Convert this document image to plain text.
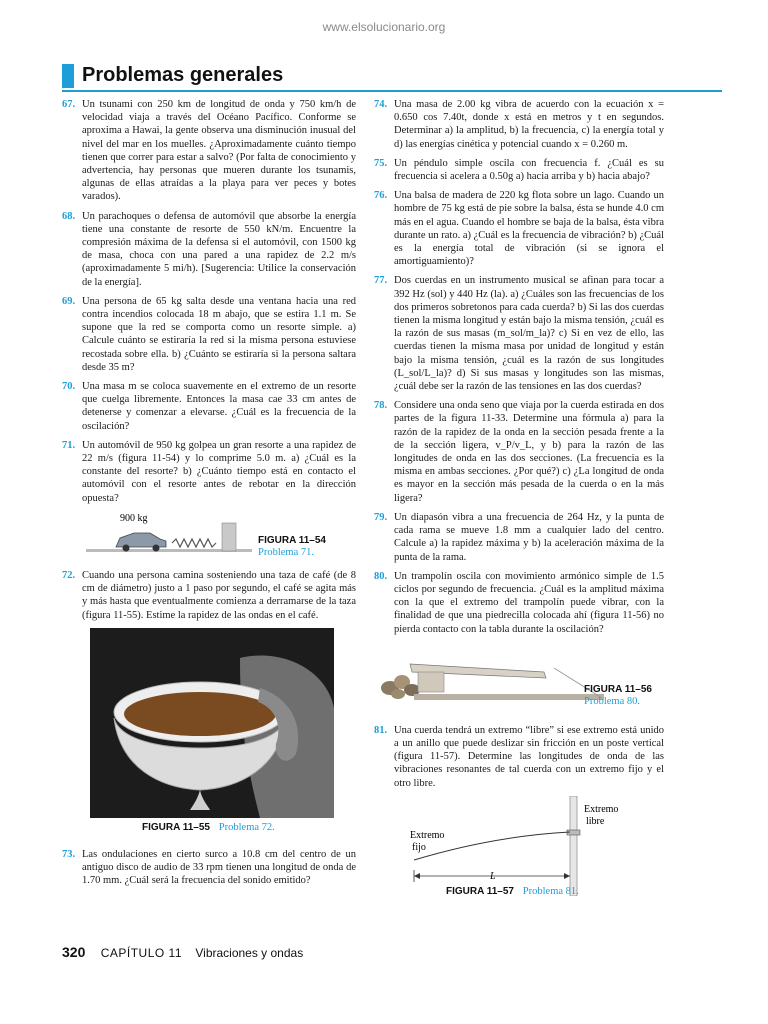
www.elsolucionario.org
Problemas generales
67. Un tsunami con 250 km de longitud de onda y 750 km/h de velocidad viaja a través del Océano Pacífico. Conforme se aproxima a Hawai, la gente observa una disminución inusual del nivel del mar en los muelles. ¿Aproximadamente cuánto tiempo tienen que correr para estar a salvo? (Por falta de conocimiento y advertencia, hay personas que mueren durante los tsunamis, algunas de ellas atraídas a la playa para ver peces y botes varados).
68. Un parachoques o defensa de automóvil que absorbe la energía tiene una constante de resorte de 550 kN/m. Encuentre la compresión máxima de la defensa si el automóvil, con 1500 kg de masa, choca con una pared a una rapidez de 2.2 m/s (aproximadamente 5 mi/h). [Sugerencia: Utilice la conservación de la energía].
69. Una persona de 65 kg salta desde una ventana hacia una red contra incendios colocada 18 m abajo, que se estira 1.1 m. Se supone que la red se comporta como un resorte simple. a) Calcule cuánto se estiraría la red si la misma persona estuviese recostada sobre ella. b) ¿Cuánto se estiraría si la persona saltara desde 35 m?
70. Una masa m se coloca suavemente en el extremo de un resorte que cuelga libremente. Entonces la masa cae 33 cm antes de detenerse y comenzar a elevarse. ¿Cuál es la frecuencia de la oscilación?
71. Un automóvil de 950 kg golpea un gran resorte a una rapidez de 22 m/s (figura 11-54) y lo comprime 5.0 m. a) ¿Cuál es la constante del resorte? b) ¿Cuánto tiempo está en contacto el automóvil con el resorte antes de rebotar en la dirección opuesta?
900 kg
FIGURA 11–54
Problema 71.
72. Cuando una persona camina sosteniendo una taza de café (de 8 cm de diámetro) justo a 1 paso por segundo, el café se agita más y más hasta que eventualmente comienza a derramarse de la taza (figura 11-55). Estime la rapidez de las ondas en el café.
FIGURA 11–55 Problema 72.
73. Las ondulaciones en cierto surco a 10.8 cm del centro de un antiguo disco de audio de 33 rpm tienen una longitud de onda de 1.70 mm. ¿Cuál será la frecuencia del sonido emitido?
74. Una masa de 2.00 kg vibra de acuerdo con la ecuación x = 0.650 cos 7.40t, donde x está en metros y t en segundos. Determinar a) la amplitud, b) la frecuencia, c) la energía total y d) las energías cinética y potencial cuando x = 0.260 m.
75. Un péndulo simple oscila con frecuencia f. ¿Cuál es su frecuencia si acelera a 0.50g a) hacia arriba y b) hacia abajo?
76. Una balsa de madera de 220 kg flota sobre un lago. Cuando un hombre de 75 kg está de pie sobre la balsa, ésta se hunde 4.0 cm más en el agua. Cuando el hombre se baja de la balsa, ésta vibra durante un rato. a) ¿Cuál es la frecuencia de vibración? b) ¿Cuál es la energía total de vibración (si se ignora el amortiguamiento)?
77. Dos cuerdas en un instrumento musical se afinan para tocar a 392 Hz (sol) y 440 Hz (la). a) ¿Cuáles son las frecuencias de los dos primeros sobretonos para cada cuerda? b) Si las dos cuerdas tienen la misma longitud y están bajo la misma tensión, ¿cuál es la razón de sus masas (m_sol/m_la)? c) Si en vez de ello, las cuerdas tienen la misma masa por unidad de longitud y están bajo la misma tensión, ¿cuál es la razón de sus longitudes (L_sol/L_la)? d) Si sus masas y longitudes son las mismas, ¿cuál debe ser la razón de las tensiones en las dos cuerdas?
78. Considere una onda seno que viaja por la cuerda estirada en dos partes de la figura 11-33. Determine una fórmula a) para la razón de la rapidez de la onda en la sección pesada frente a la de la sección ligera, v_P/v_L, y b) para la razón de las longitudes de onda en las dos secciones. (La frecuencia es la misma en ambas secciones. ¿Por qué?) c) ¿La longitud de onda es mayor en la sección más pesada de la cuerda o en la más ligera?
79. Un diapasón vibra a una frecuencia de 264 Hz, y la punta de cada rama se mueve 1.8 mm a cualquier lado del centro. Calcule a) la rapidez máxima y b) la aceleración máxima de la punta de la rama.
80. Un trampolín oscila con movimiento armónico simple de 1.5 ciclos por segundo de frecuencia. ¿Cuál es la amplitud máxima con la que el extremo del trampolín puede vibrar, con la finalidad de que una piedrecilla colocada ahí (figura 11-56) no pierda contacto con la tabla durante la oscilación?
FIGURA 11–56
Problema 80.
81. Una cuerda tendrá un extremo “libre” si ese extremo está unido a un anillo que puede deslizar sin fricción en un poste vertical (figura 11-57). Determine las longitudes de onda de las vibraciones resonantes de tal cuerda con un extremo fijo y el otro libre.
Extremo
libre
Extremo
fijo
L
FIGURA 11–57 Problema 81.
320 CAPÍTULO 11 Vibraciones y ondas
